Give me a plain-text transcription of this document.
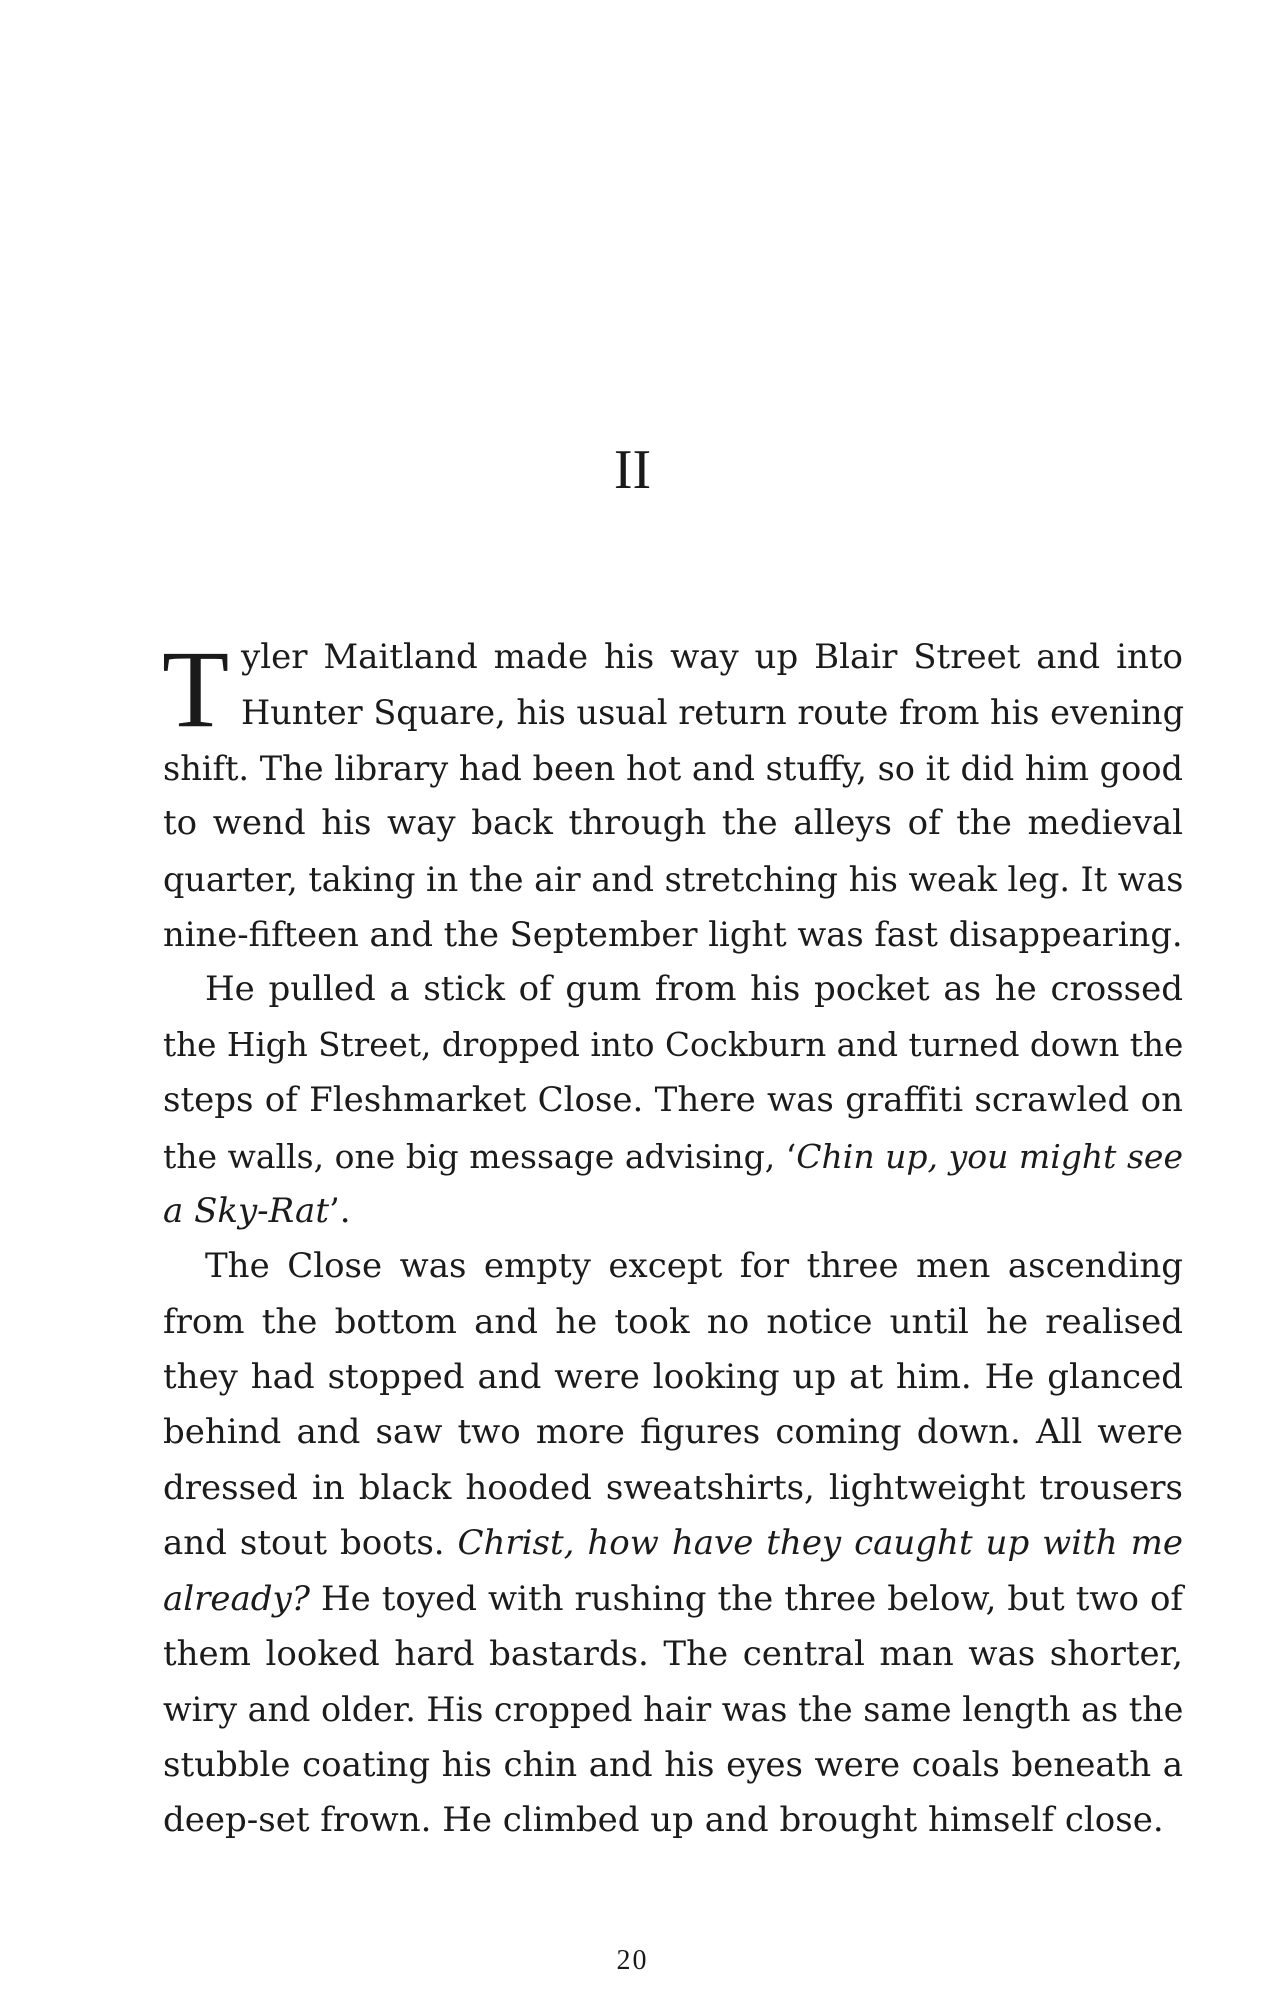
II
T yler Maitland made his way up Blair Street and into
Hunter Square, his usual return route from his evening
shift. The library had been hot and stuffy, so it did him good
to wend his way back through the alleys of the medieval
quarter, taking in the air and stretching his weak leg. It was
nine-fifteen and the September light was fast disappearing.
He pulled a stick of gum from his pocket as he crossed
the High Street, dropped into Cockburn and turned down the
steps of Fleshmarket Close. There was graffiti scrawled on
the walls, one big message advising, ‘Chin up, you might see
a Sky-Rat’.
The Close was empty except for three men ascending
from the bottom and he took no notice until he realised
they had stopped and were looking up at him. He glanced
behind and saw two more figures coming down. All were
dressed in black hooded sweatshirts, lightweight trousers
and stout boots. Christ, how have they caught up with me
already? He toyed with rushing the three below, but two of
them looked hard bastards. The central man was shorter,
wiry and older. His cropped hair was the same length as the
stubble coating his chin and his eyes were coals beneath a
deep-set frown. He climbed up and brought himself close.
20
